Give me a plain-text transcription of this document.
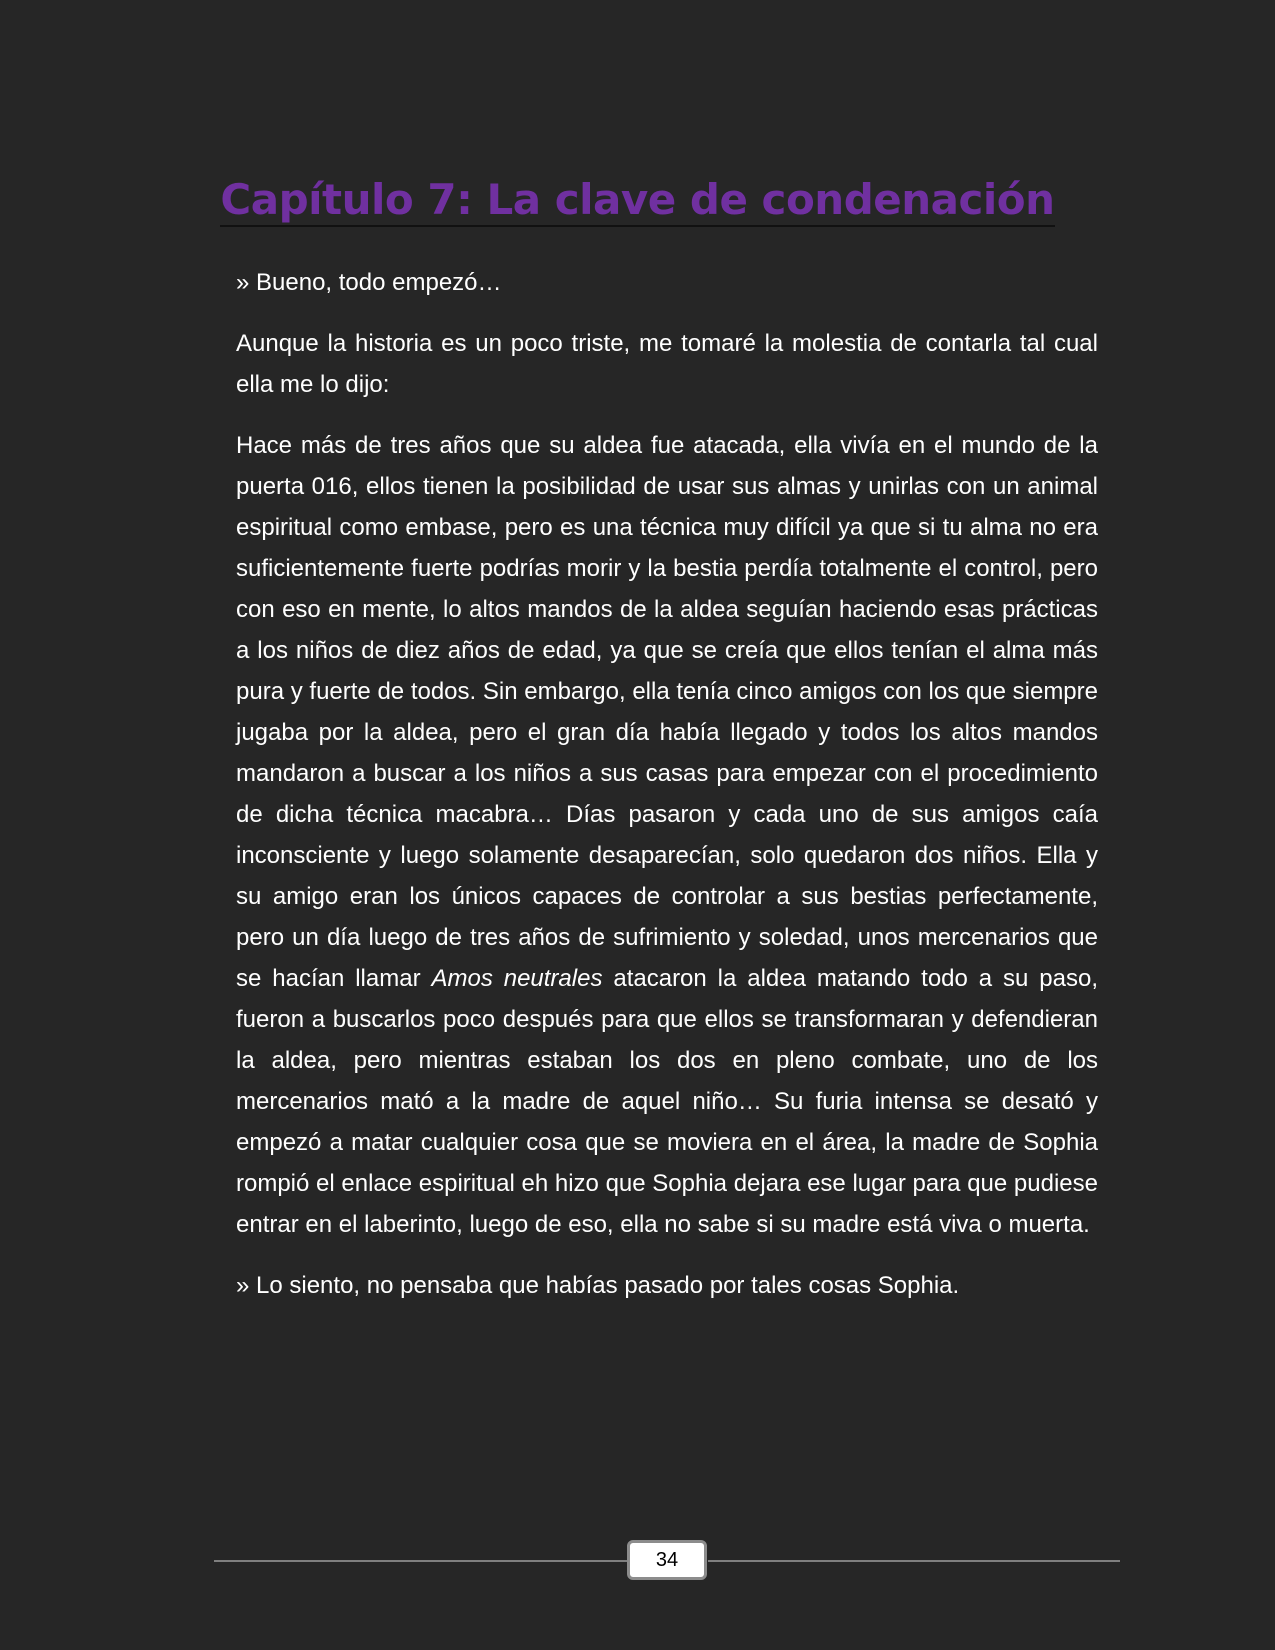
Capítulo 7: La clave de condenación

» Bueno, todo empezó…

Aunque la historia es un poco triste, me tomaré la molestia de contarla tal cual ella me lo dijo:

Hace más de tres años que su aldea fue atacada, ella vivía en el mundo de la puerta 016, ellos tienen la posibilidad de usar sus almas y unirlas con un animal espiritual como embase, pero es una técnica muy difícil ya que si tu alma no era suficientemente fuerte podrías morir y la bestia perdía totalmente el control, pero con eso en mente, lo altos mandos de la aldea seguían haciendo esas prácticas a los niños de diez años de edad, ya que se creía que ellos tenían el alma más pura y fuerte de todos. Sin embargo, ella tenía cinco amigos con los que siempre jugaba por la aldea, pero el gran día había llegado y todos los altos mandos mandaron a buscar a los niños a sus casas para empezar con el procedimiento de dicha técnica macabra… Días pasaron y cada uno de sus amigos caía inconsciente y luego solamente desaparecían, solo quedaron dos niños. Ella y su amigo eran los únicos capaces de controlar a sus bestias perfectamente, pero un día luego de tres años de sufrimiento y soledad, unos mercenarios que se hacían llamar Amos neutrales atacaron la aldea matando todo a su paso, fueron a buscarlos poco después para que ellos se transformaran y defendieran la aldea, pero mientras estaban los dos en pleno combate, uno de los mercenarios mató a la madre de aquel niño… Su furia intensa se desató y empezó a matar cualquier cosa que se moviera en el área, la madre de Sophia rompió el enlace espiritual eh hizo que Sophia dejara ese lugar para que pudiese entrar en el laberinto, luego de eso, ella no sabe si su madre está viva o muerta.

» Lo siento, no pensaba que habías pasado por tales cosas Sophia.

34
